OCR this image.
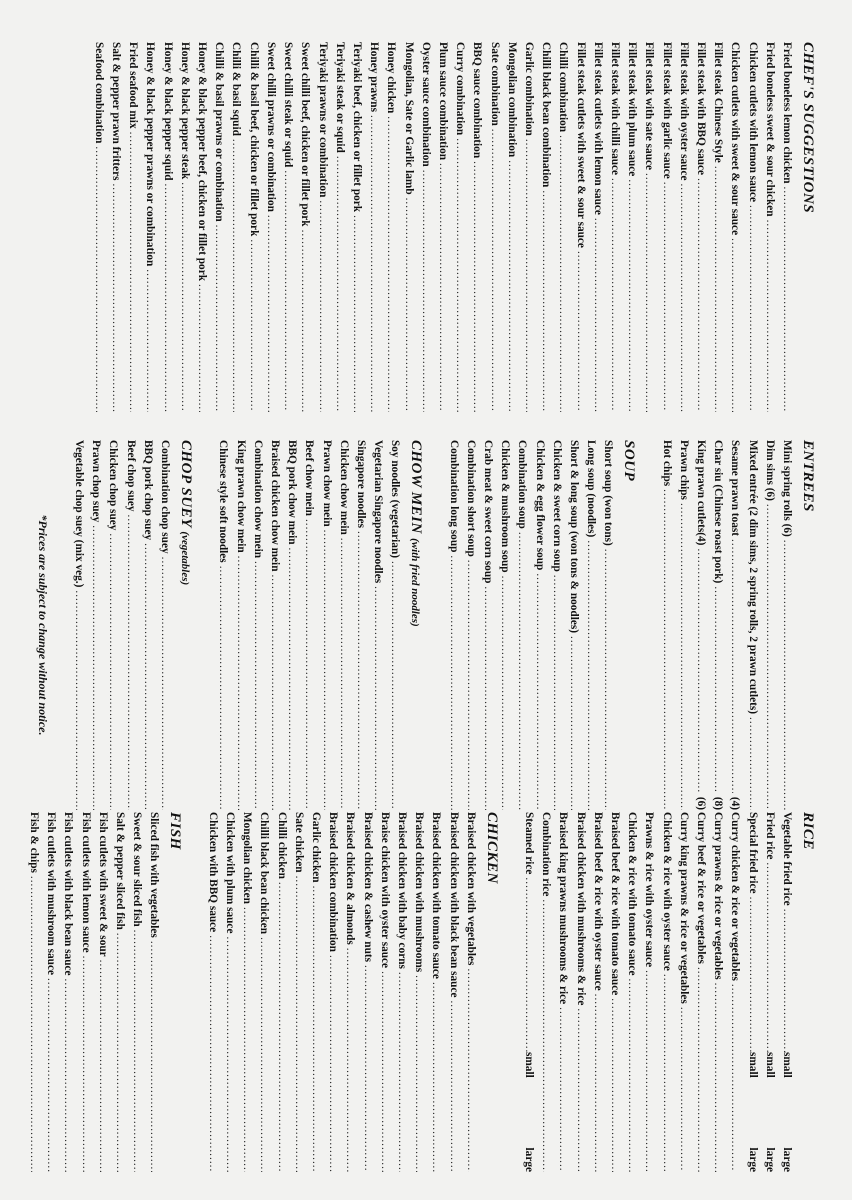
CHEF'S SUGGESTIONS
Fried boneless lemon chicken
.....
Fried boneless sweet & sour chicken
.....
Chicken cutlets with lemon sauce
.....
Chicken cutlets with sweet & sour sauce
.....
Fillet steak Chinese Style
.....
Fillet steak with BBQ sauce
.....
Fillet steak with oyster sauce
.....
Fillet steak with garlic sauce
.....
Fillet steak with sate sauce
.....
Fillet steak with plum sauce
.....
Fillet steak with chilli sauce
.....
Fillet steak cutlets with lemon sauce
.....
Fillet steak cutlets with sweet & sour sauce
.....
Chilli combination
.....
Chilli black bean combination
.....
Garlic combination
.....
Mongolian combination
.....
Sate combination
.....
BBQ sauce combination
.....
Curry combination
.....
Plum sauce combination
.....
Oyster sauce combination
.....
Mongolian, Sate or Garlic lamb
.....
Honey chicken
.....
Honey prawns
.....
Teriyaki beef, chicken or fillet pork
.....
Teriyaki steak or squid
.....
Teriyaki prawns or combination
.....
Sweet chilli beef, chicken or fillet pork
.....
Sweet chilli steak or squid
.....
Sweet chilli prawns or combination
.....
Chilli & basil beef, chicken or fillet pork
.....
Chilli & basil squid
.....
Chilli & basil prawns or combination
.....
Honey & black pepper beef, chicken or fillet pork
.....
Honey & black pepper steak
.....
Honey & black pepper squid
.....
Honey & black pepper prawns or combination
.....
Fried seafood mix
.....
Salt & pepper prawn fritters
.....
Seafood combination
.....
ENTREES
Mini spring rolls (6)
.....
Dim sims (6)
.....
Mixed entrée (2 dim sims, 2 spring rolls, 2 prawn cutlets)
.....
Sesame prawn toast
.....
(4)
Char siu (Chinese roast pork)
.....
(8)
King prawn cutlets(4)
.....
(6)
Prawn chips
.....
Hot chips
.....
SOUP
Short soup (won tons)
.....
Long soup (noodles)
.....
Short & long soup (won tons & noodles)
.....
Chicken & sweet corn soup
.....
Chicken & egg flower soup
.....
Combination soup
.....
Chicken & mushroom soup
.....
Crab meat & sweet corn soup
.....
Combination short soup
.....
Combination long soup
.....
CHOW MEIN (with fried noodles)
Soy noodles (vegetarian)
.....
Vegetarian Singapore noodles
.....
Singapore noodles
.....
Chicken chow mein
.....
Prawn chow mein
.....
Beef chow mein
.....
BBQ pork chow mein
.....
Braised chicken chow mein
.....
Combination chow mein
.....
King prawn chow mein
.....
Chinese style soft noodles
.....
CHOP SUEY (vegetables)
Combination chop suey
.....
BBQ pork chop suey
.....
Beef chop suey
.....
Chicken chop suey
.....
Prawn chop suey
.....
Vegetable chop suey (mix veg.)
.....
*Prices are subject to change without notice.
RICE
Vegetable fried rice
.....
small
large
Fried rice
.....
small
large
Special fried rice
.....
small
large
Curry chicken & rice or vegetables
.....
Curry prawns & rice or vegetables
.....
Curry beef & rice or vegetables
.....
Curry king prawns & rice or vegetables
.....
Chicken & rice with oyster sauce
.....
Prawns & rice with oyster sauce
.....
Chicken & rice with tomato sauce
.....
Braised beef & rice with tomato sauce
.....
Braised beef & rice with oyster sauce
.....
Braised chicken with mushrooms & rice
.....
Braised king prawns mushrooms & rice
.....
Combination rice
.....
Steamed rice
.....
small
large
CHICKEN
Braised chicken with vegetables
.....
Braised chicken with black bean sauce
.....
Braised chicken with tomato sauce
.....
Braised chicken with mushrooms
.....
Braised chicken with baby corns
.....
Braise chicken with oyster sauce
.....
Braised chicken & cashew nuts
.....
Braised chicken & almonds
.....
Braised chicken combination
.....
Garlic chicken
.....
Sate chicken
.....
Chilli chicken
.....
Chilli black bean chicken
.....
Mongolian chicken
.....
Chicken with plum sauce
.....
Chicken with BBQ sauce
.....
FISH
Sliced fish with vegetables
.....
Sweet & sour sliced fish
.....
Salt & pepper sliced fish
.....
Fish cutlets with sweet & sour
.....
Fish cutlets with lemon sauce
.....
Fish cutlets with black bean sauce
.....
Fish cutlets with mushroom sauce
.....
Fish & chips
.....
